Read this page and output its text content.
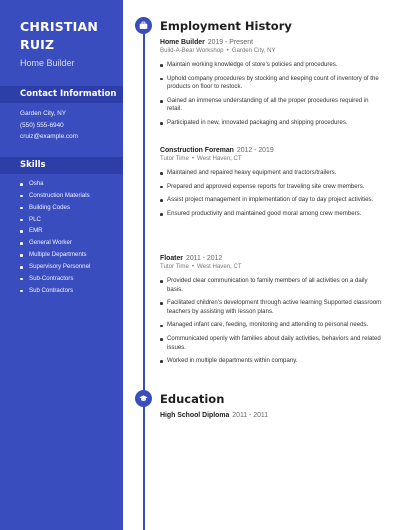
CHRISTIAN RUIZ
Home Builder
Contact Information
Garden City, NY
(550) 555-6940
cruiz@example.com
Skills
Osha
Construction Materials
Building Codes
PLC
EMR
General Worker
Multiple Departments
Supervisory Personnel
Sub-Contractors
Sub Contractors
Employment History
Home Builder 2019 - Present
Build-A-Bear Workshop • Garden City, NY
Maintain working knowledge of store's policies and procedures.
Uphold company procedures by stocking and keeping count of inventory of the products on floor to restock.
Gained an immense understanding of all the proper procedures required in retail.
Participated in new, innovated packaging and shipping procedures.
Construction Foreman 2012 - 2019
Tutor Time • West Haven, CT
Maintained and repaired heavy equipment and tractors/trailers.
Prepared and approved expense reports for traveling site crew members.
Assist project management in implementation of day to day project activities.
Ensured productivity and maintained good moral among crew members.
Floater 2011 - 2012
Tutor Time • West Haven, CT
Provided clear communication to family members of all activities on a daily basis.
Facilitated children's development through active learning Supported classroom teachers by assisting with lesson plans.
Managed infant care, feeding, monitoring and attending to personal needs.
Communicated openly with families about daily activities, behaviors and related issues.
Worked in multiple departments within company.
Education
High School Diploma 2011 - 2011
